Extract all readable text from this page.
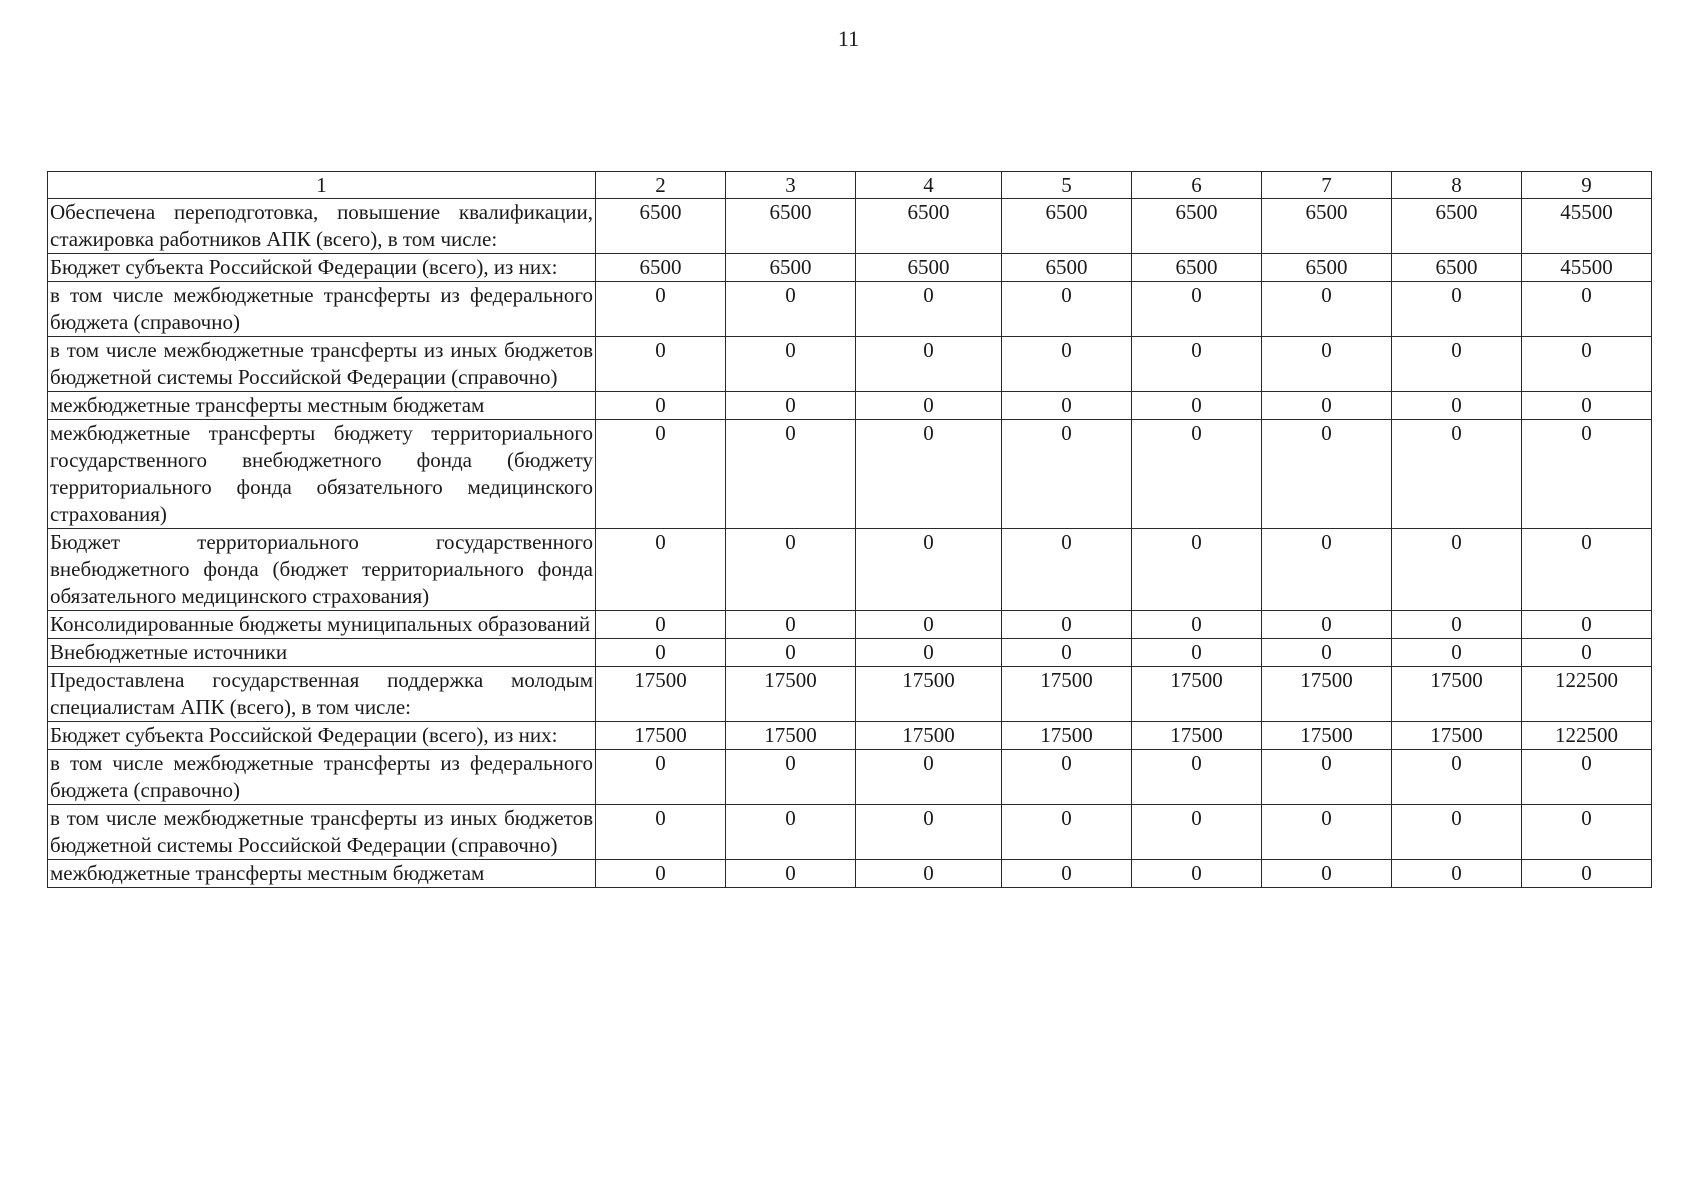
11
1	2	3	4	5	6	7	8	9
Обеспечена переподготовка, повышение квалификации, стажировка работников АПК (всего), в том числе:	6500	6500	6500	6500	6500	6500	6500	45500
Бюджет субъекта Российской Федерации (всего), из них:	6500	6500	6500	6500	6500	6500	6500	45500
в том числе межбюджетные трансферты из федерального бюджета (справочно)	0	0	0	0	0	0	0	0
в том числе межбюджетные трансферты из иных бюджетов бюджетной системы Российской Федерации (справочно)	0	0	0	0	0	0	0	0
межбюджетные трансферты местным бюджетам	0	0	0	0	0	0	0	0
межбюджетные трансферты бюджету территориального государственного внебюджетного фонда (бюджету территориального фонда обязательного медицинского страхования)	0	0	0	0	0	0	0	0
Бюджет территориального государственного внебюджетного фонда (бюджет территориального фонда обязательного медицинского страхования)	0	0	0	0	0	0	0	0
Консолидированные бюджеты муниципальных образований	0	0	0	0	0	0	0	0
Внебюджетные источники	0	0	0	0	0	0	0	0
Предоставлена государственная поддержка молодым специалистам АПК (всего), в том числе:	17500	17500	17500	17500	17500	17500	17500	122500
Бюджет субъекта Российской Федерации (всего), из них:	17500	17500	17500	17500	17500	17500	17500	122500
в том числе межбюджетные трансферты из федерального бюджета (справочно)	0	0	0	0	0	0	0	0
в том числе межбюджетные трансферты из иных бюджетов бюджетной системы Российской Федерации (справочно)	0	0	0	0	0	0	0	0
межбюджетные трансферты местным бюджетам	0	0	0	0	0	0	0	0
